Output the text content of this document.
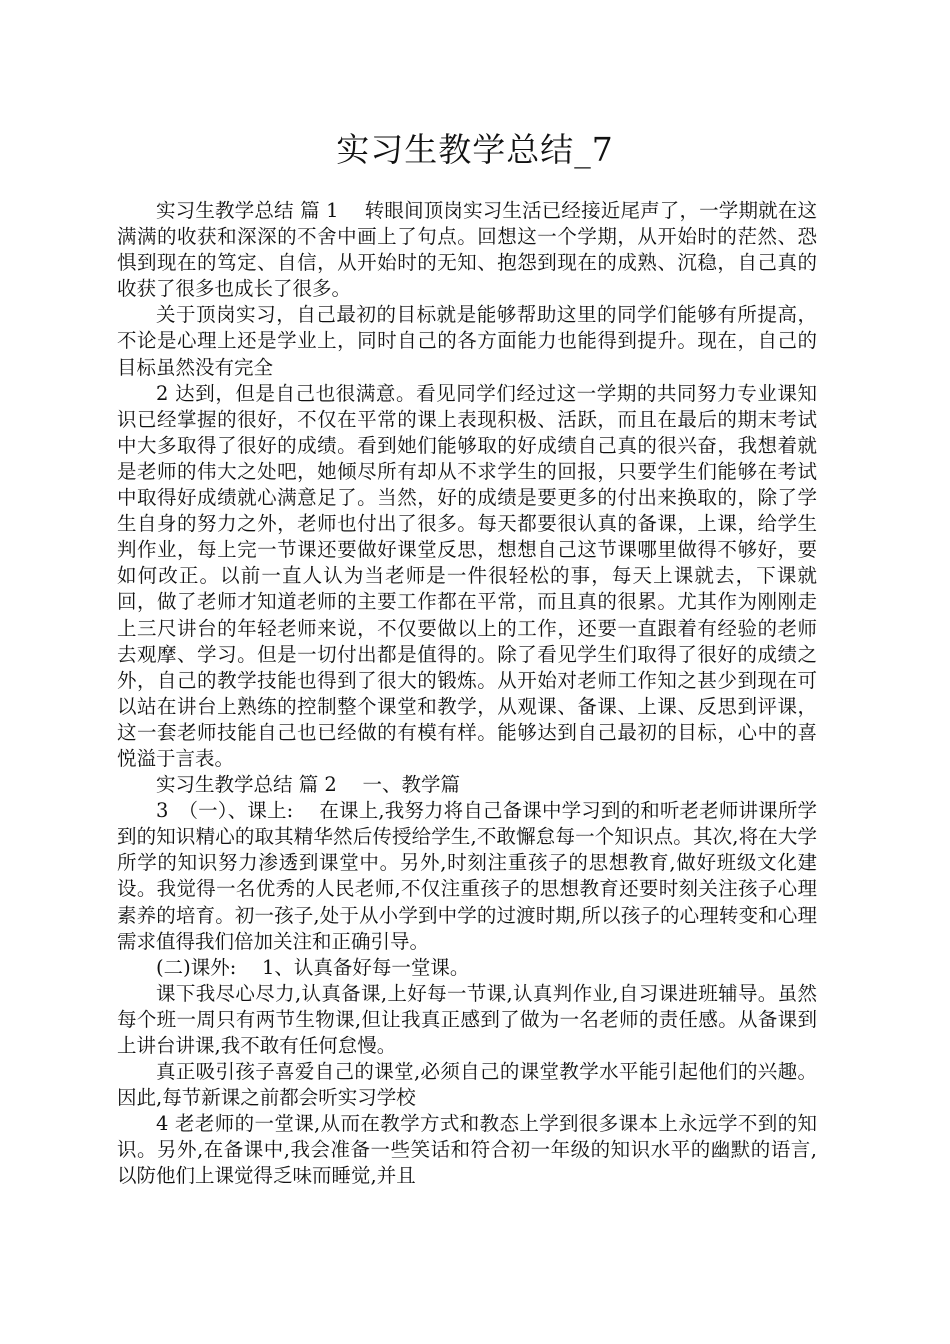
实习生教学总结_7

实习生教学总结 篇 1　 转眼间顶岗实习生活已经接近尾声了，一学期就在这满满的收获和深深的不舍中画上了句点。回想这一个学期，从开始时的茫然、恐惧到现在的笃定、自信，从开始时的无知、抱怨到现在的成熟、沉稳，自己真的收获了很多也成长了很多。

关于顶岗实习，自己最初的目标就是能够帮助这里的同学们能够有所提高，不论是心理上还是学业上，同时自己的各方面能力也能得到提升。现在，自己的目标虽然没有完全

2 达到，但是自己也很满意。看见同学们经过这一学期的共同努力专业课知识已经掌握的很好，不仅在平常的课上表现积极、活跃，而且在最后的期末考试中大多取得了很好的成绩。看到她们能够取的好成绩自己真的很兴奋，我想着就是老师的伟大之处吧，她倾尽所有却从不求学生的回报，只要学生们能够在考试中取得好成绩就心满意足了。当然，好的成绩是要更多的付出来换取的，除了学生自身的努力之外，老师也付出了很多。每天都要很认真的备课，上课，给学生判作业，每上完一节课还要做好课堂反思，想想自己这节课哪里做得不够好，要如何改正。以前一直人认为当老师是一件很轻松的事，每天上课就去，下课就回，做了老师才知道老师的主要工作都在平常，而且真的很累。尤其作为刚刚走上三尺讲台的年轻老师来说，不仅要做以上的工作，还要一直跟着有经验的老师去观摩、学习。但是一切付出都是值得的。除了看见学生们取得了很好的成绩之外，自己的教学技能也得到了很大的锻炼。从开始对老师工作知之甚少到现在可以站在讲台上熟练的控制整个课堂和教学，从观课、备课、上课、反思到评课，这一套老师技能自己也已经做的有模有样。能够达到自己最初的目标，心中的喜悦溢于言表。

实习生教学总结 篇 2　 一、教学篇

3　（一）、课上:　 在课上,我努力将自己备课中学习到的和听老老师讲课所学到的知识精心的取其精华然后传授给学生,不敢懈怠每一个知识点。其次,将在大学所学的知识努力渗透到课堂中。另外,时刻注重孩子的思想教育,做好班级文化建设。我觉得一名优秀的人民老师,不仅注重孩子的思想教育还要时刻关注孩子心理素养的培育。初一孩子,处于从小学到中学的过渡时期,所以孩子的心理转变和心理需求值得我们倍加关注和正确引导。

(二)课外:　 1、认真备好每一堂课。

课下我尽心尽力,认真备课,上好每一节课,认真判作业,自习课进班辅导。虽然每个班一周只有两节生物课,但让我真正感到了做为一名老师的责任感。从备课到上讲台讲课,我不敢有任何怠慢。

真正吸引孩子喜爱自己的课堂,必须自己的课堂教学水平能引起他们的兴趣。因此,每节新课之前都会听实习学校

4 老老师的一堂课,从而在教学方式和教态上学到很多课本上永远学不到的知识。另外,在备课中,我会准备一些笑话和符合初一年级的知识水平的幽默的语言,以防他们上课觉得乏味而睡觉,并且
